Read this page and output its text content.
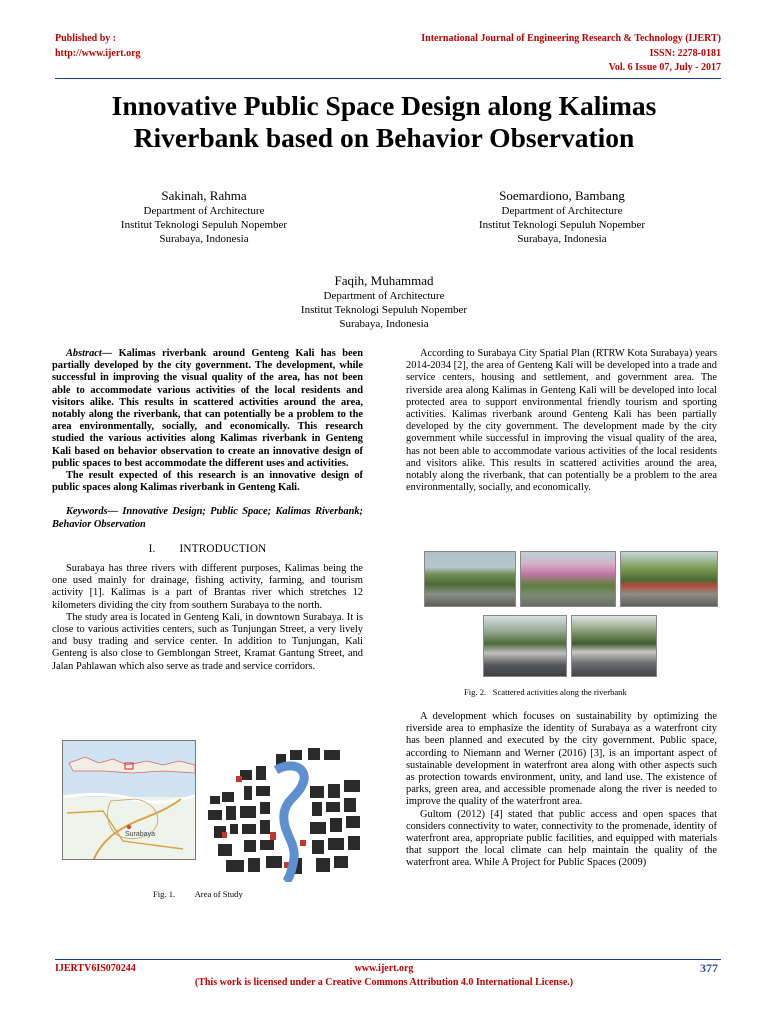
Published by :
http://www.ijert.org
International Journal of Engineering Research & Technology (IJERT)
ISSN: 2278-0181
Vol. 6 Issue 07, July - 2017
Innovative Public Space Design along Kalimas
Riverbank based on Behavior Observation
Sakinah, Rahma
Department of Architecture
Institut Teknologi Sepuluh Nopember
Surabaya, Indonesia
Soemardiono, Bambang
Department of Architecture
Institut Teknologi Sepuluh Nopember
Surabaya, Indonesia
Faqih, Muhammad
Department of Architecture
Institut Teknologi Sepuluh Nopember
Surabaya, Indonesia

Abstract— Kalimas riverbank around Genteng Kali has been partially developed by the city government. The development, while successful in improving the visual quality of the area, has not been able to accommodate various activities of the local residents and visitors alike. This results in scattered activities around the area, notably along the riverbank, that can potentially be a problem to the area environmentally, socially, and economically. This research studied the various activities along Kalimas riverbank in Genteng Kali based on behavior observation to create an innovative design of public spaces to best accommodate the different uses and activities.

The result expected of this research is an innovative design of public spaces along Kalimas riverbank in Genteng Kali.

Keywords— Innovative Design; Public Space; Kalimas Riverbank; Behavior Observation

I. INTRODUCTION

Surabaya has three rivers with different purposes, Kalimas being the one used mainly for drainage, fishing activity, farming, and tourism activity [1]. Kalimas is a part of Brantas river which stretches 12 kilometers dividing the city from southern Surabaya to the north.

The study area is located in Genteng Kali, in downtown Surabaya. It is close to various activities centers, such as Tunjungan Street, a very lively and busy trading and service center. In addition to Tunjungan, Kali Genteng is also close to Gemblongan Street, Kramat Gantung Street, and Jalan Pahlawan which also serve as trade and service corridors.

Surabaya
Fig. 1. Area of Study

According to Surabaya City Spatial Plan (RTRW Kota Surabaya) years 2014-2034 [2], the area of Genteng Kali will be developed into a trade and service centers, housing and settlement, and government area. The riverside area along Kalimas in Genteng Kali will be developed into local protected area to support environmental friendly tourism and sporting activities. Kalimas riverbank around Genteng Kali has been partially developed by the city government. The development made by the city government while successful in improving the visual quality of the area, has not been able to accommodate various activities of the local residents and visitors alike. This results in scattered activities around the area, notably along the riverbank, that can potentially be a problem to the area environmentally, socially, and economically.

Fig. 2. Scattered activities along the riverbank

A development which focuses on sustainability by optimizing the riverside area to emphasize the identity of Surabaya as a waterfront city has been planned and executed by the city government. Public space, according to Niemann and Werner (2016) [3], is an important aspect of sustainable development in waterfront area along with other aspects such as protection towards environment, unity, and land use. The existence of parks, green area, and accessible promenade along the river is needed to improve the quality of the waterfront area.

Gultom (2012) [4] stated that public access and open spaces that considers connectivity to water, connectivity to the promenade, identity of waterfront area, appropriate public facilities, and equipped with materials that support the local climate can help maintain the quality of the waterfront area. While A Project for Public Spaces (2009)

IJERTV6IS070244	www.ijert.org	377
(This work is licensed under a Creative Commons Attribution 4.0 International License.)
